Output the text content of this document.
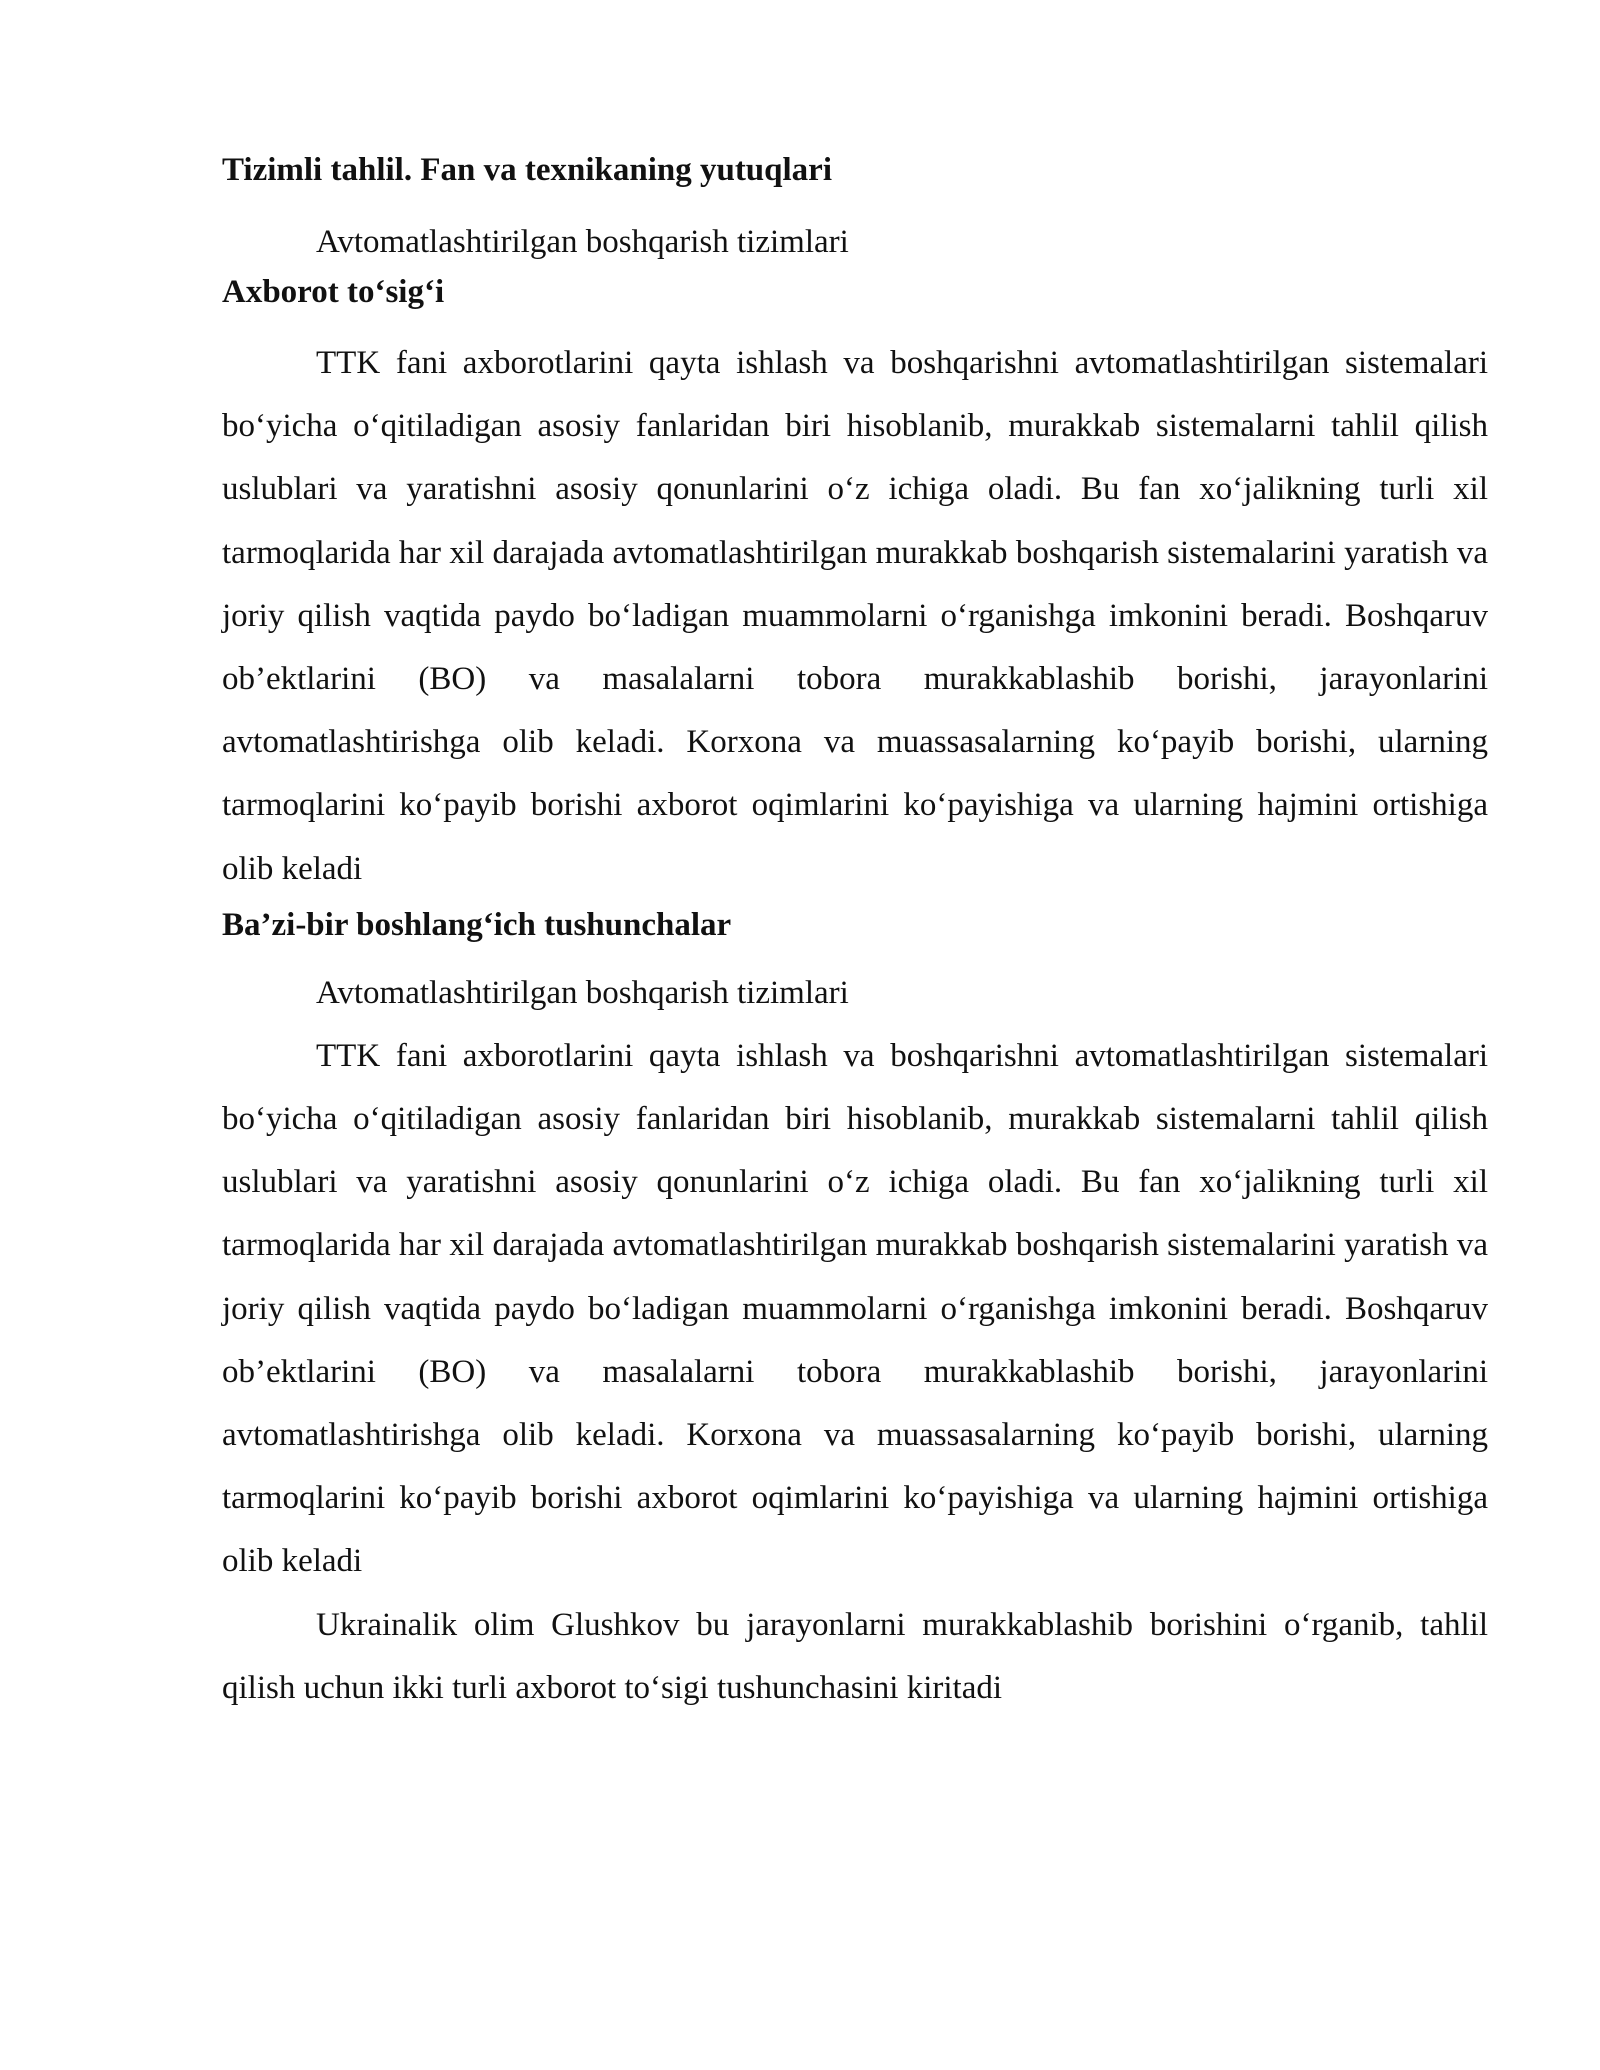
Tizimli tahlil. Fan va texnikaning yutuqlari

Avtomatlashtirilgan boshqarish tizimlari

Axborot to‘sig‘i

TTK fani axborotlarini qayta ishlash va boshqarishni avtomatlashtirilgan sistemalari bo‘yicha o‘qitiladigan asosiy fanlaridan biri hisoblanib, murakkab sistemalarni tahlil qilish uslublari va yaratishni asosiy qonunlarini o‘z ichiga oladi. Bu fan xo‘jalikning turli xil tarmoqlarida har xil darajada avtomatlashtirilgan murakkab boshqarish sistemalarini yaratish va joriy qilish vaqtida paydo bo‘ladigan muammolarni o‘rganishga imkonini beradi. Boshqaruv ob’ektlarini (BO) va masalalarni tobora murakkablashib borishi, jarayonlarini avtomatlashtirishga olib keladi. Korxona va muassasalarning ko‘payib borishi, ularning tarmoqlarini ko‘payib borishi axborot oqimlarini ko‘payishiga va ularning hajmini ortishiga olib keladi

Ba’zi-bir boshlang‘ich tushunchalar

Avtomatlashtirilgan boshqarish tizimlari

TTK fani axborotlarini qayta ishlash va boshqarishni avtomatlashtirilgan sistemalari bo‘yicha o‘qitiladigan asosiy fanlaridan biri hisoblanib, murakkab sistemalarni tahlil qilish uslublari va yaratishni asosiy qonunlarini o‘z ichiga oladi. Bu fan xo‘jalikning turli xil tarmoqlarida har xil darajada avtomatlashtirilgan murakkab boshqarish sistemalarini yaratish va joriy qilish vaqtida paydo bo‘ladigan muammolarni o‘rganishga imkonini beradi. Boshqaruv ob’ektlarini (BO) va masalalarni tobora murakkablashib borishi, jarayonlarini avtomatlashtirishga olib keladi. Korxona va muassasalarning ko‘payib borishi, ularning tarmoqlarini ko‘payib borishi axborot oqimlarini ko‘payishiga va ularning hajmini ortishiga olib keladi

Ukrainalik olim Glushkov bu jarayonlarni murakkablashib borishini o‘rganib, tahlil qilish uchun ikki turli axborot to‘sigi tushunchasini kiritadi
